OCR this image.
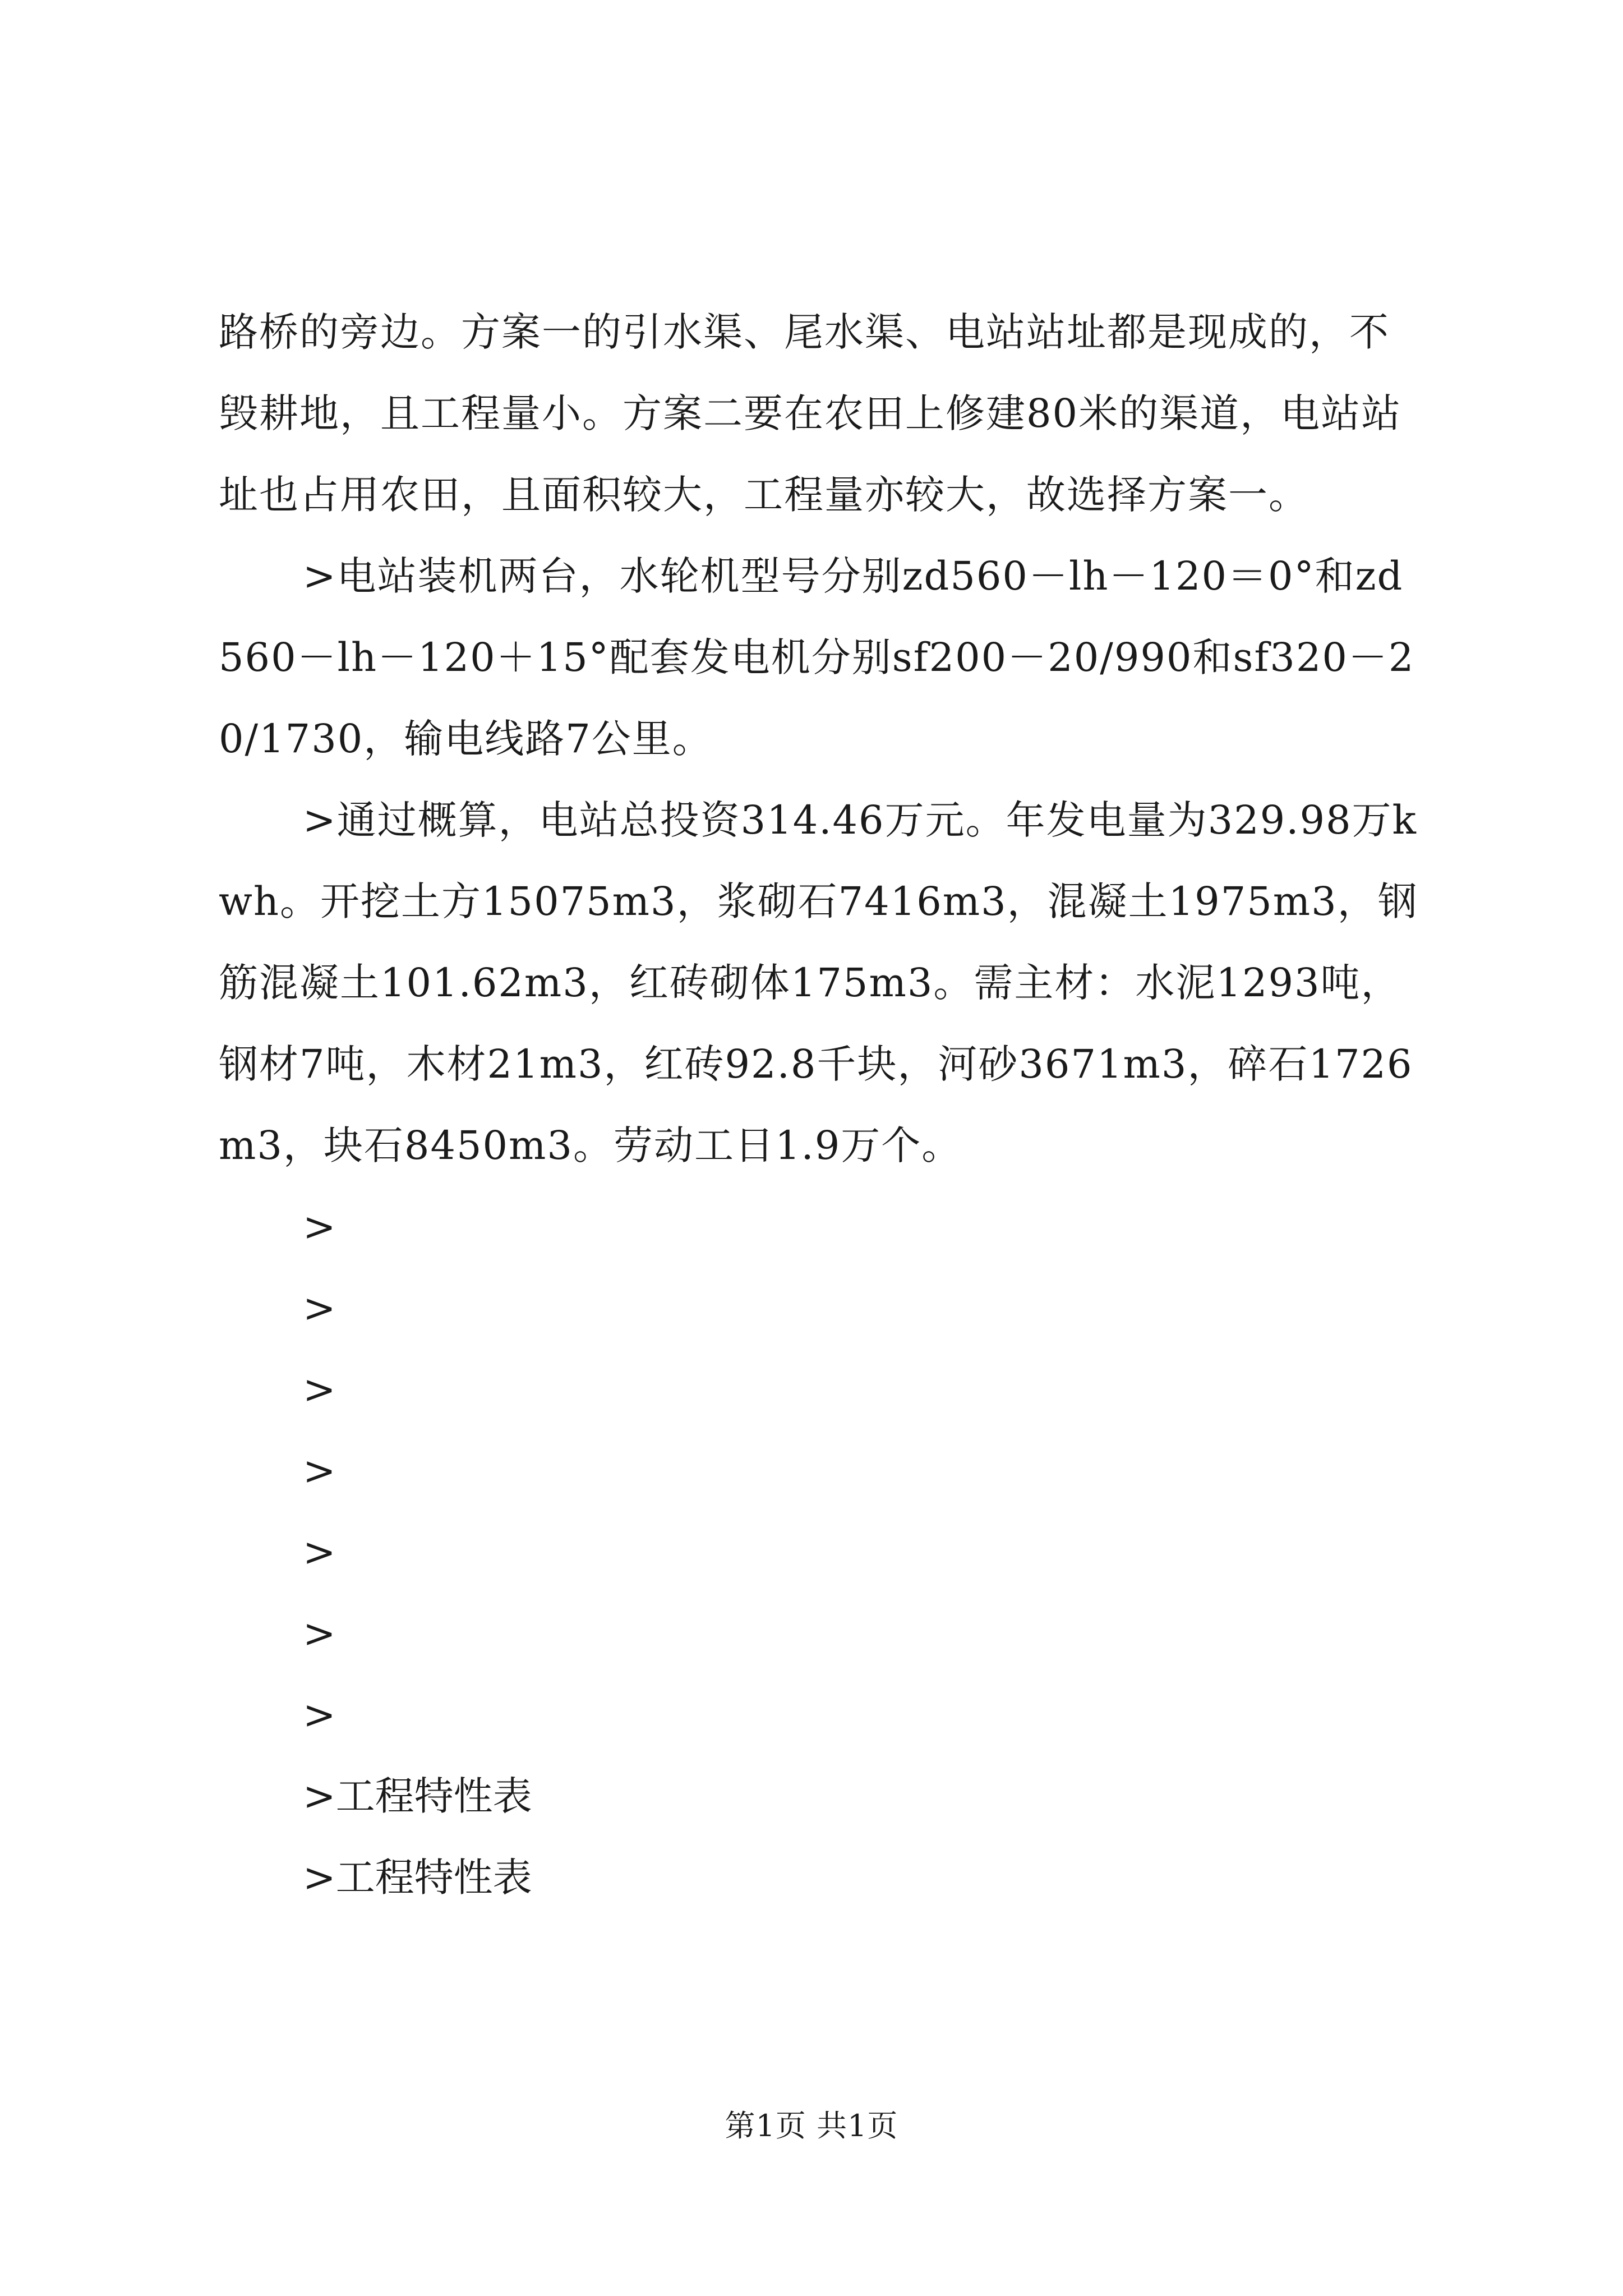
路桥的旁边。方案一的引水渠、尾水渠、电站站址都是现成的，不毁耕地，且工程量小。方案二要在农田上修建80米的渠道，电站站址也占用农田，且面积较大，工程量亦较大，故选择方案一。

>电站装机两台，水轮机型号分别zd560－lh－120＝0°和zd560－lh－120＋15°配套发电机分别sf200－20/990和sf320－20/1730，输电线路7公里。

>通过概算，电站总投资314.46万元。年发电量为329.98万kwh。开挖土方15075m3，浆砌石7416m3，混凝土1975m3，钢筋混凝土101.62m3，红砖砌体175m3。需主材：水泥1293吨，钢材7吨，木材21m3，红砖92.8千块，河砂3671m3，碎石1726m3，块石8450m3。劳动工日1.9万个。

>

>

>

>

>

>

>

>工程特性表

>工程特性表

第1页 共1页
